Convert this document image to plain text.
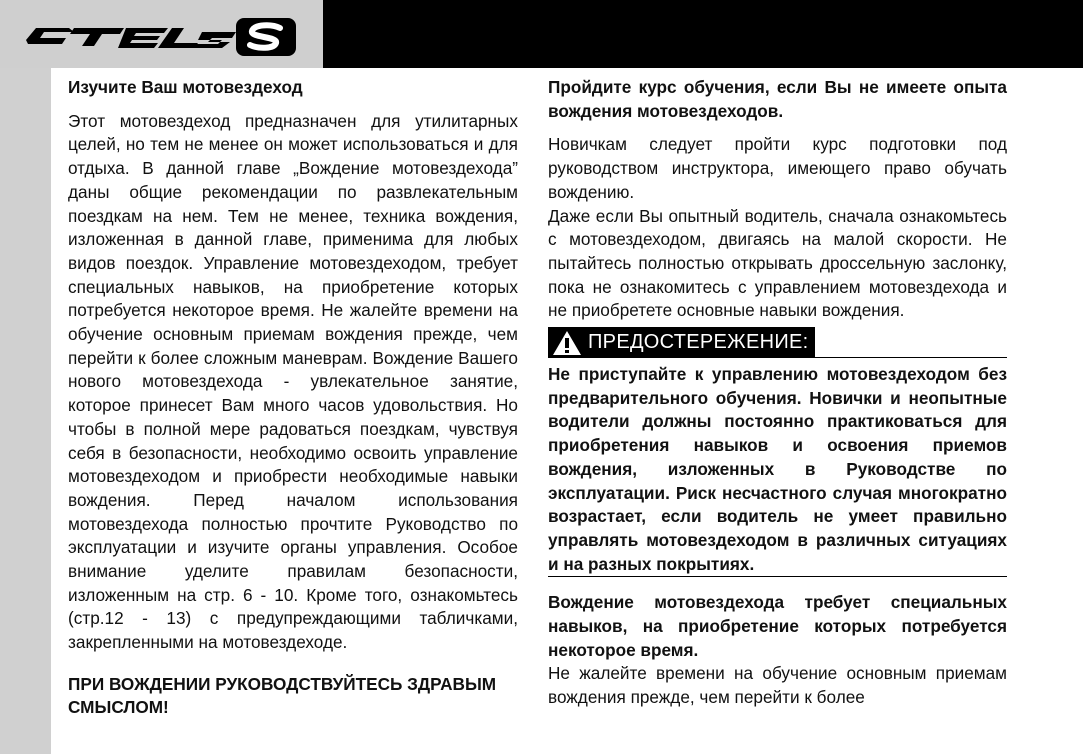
Изучите Ваш мотовездеход

Этот мотовездеход предназначен для утилитарных целей, но тем не менее он может использоваться и для отдыха. В данной главе „Вождение мотовездехода” даны общие рекомендации по развлекательным поездкам на нем. Тем не менее, техника вождения, изложенная в данной главе, применима для любых видов поездок. Управление мотовездеходом, требует специальных навыков, на приобретение которых потребуется некоторое время. Не жалейте времени на обучение основным приемам вождения прежде, чем перейти к более сложным маневрам. Вождение Вашего нового мотовездехода - увлекательное занятие, которое принесет Вам много часов удовольствия. Но чтобы в полной мере радоваться поездкам, чувствуя себя в безопасности, необходимо освоить управление мотовездеходом и приобрести необходимые навыки вождения. Перед началом использования мотовездехода полностью прочтите Руководство по эксплуатации и изучите органы управления. Особое внимание уделите правилам безопасности, изложенным на стр. 6 - 10. Кроме того, ознакомьтесь (стр.12 - 13) с предупреждающими табличками, закрепленными на мотовездеходе.

ПРИ ВОЖДЕНИИ РУКОВОДСТВУЙТЕСЬ ЗДРАВЫМ СМЫСЛОМ!

Пройдите курс обучения, если Вы не имеете опыта вождения мотовездеходов.

Новичкам следует пройти курс подготовки под руководством инструктора, имеющего право обучать вождению.

Даже если Вы опытный водитель, сначала ознакомьтесь с мотовездеходом, двигаясь на малой скорости. Не пытайтесь полностью открывать дроссельную заслонку, пока не ознакомитесь с управлением мотовездехода и не приобретете основные навыки вождения.

ПРЕДОСТЕРЕЖЕНИЕ:

Не приступайте к управлению мотовездеходом без предварительного обучения. Новички и неопытные водители должны постоянно практиковаться для приобретения навыков и освоения приемов вождения, изложенных в Руководстве по эксплуатации. Риск несчастного случая многократно возрастает, если водитель не умеет правильно управлять мотовездеходом в различных ситуациях и на разных покрытиях.

Вождение мотовездехода требует специальных навыков, на приобретение которых потребуется некоторое время.

Не жалейте времени на обучение основным приемам вождения прежде, чем перейти к более
